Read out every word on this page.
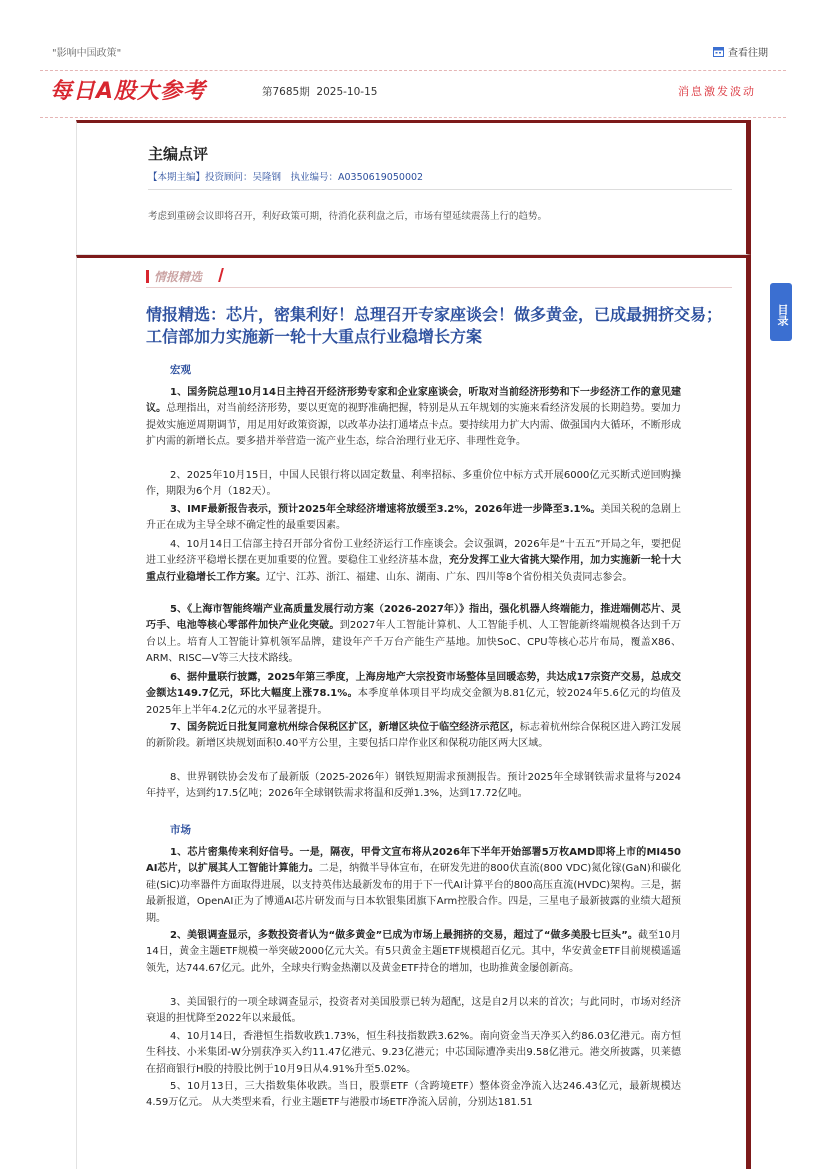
"影响中国政策"	查看往期
每日A股大参考	第7685期 2025-10-15	消息激发波动
主编点评
【本期主编】投资顾问：吴隆钢　执业编号：A0350619050002
考虑到重磅会议即将召开，利好政策可期，待消化获利盘之后，市场有望延续震荡上行的趋势。
情报精选
情报精选：芯片，密集利好！总理召开专家座谈会！做多黄金，已成最拥挤交易；工信部加力实施新一轮十大重点行业稳增长方案
目录
宏观
1、国务院总理10月14日主持召开经济形势专家和企业家座谈会，听取对当前经济形势和下一步经济工作的意见建议。总理指出，对当前经济形势，要以更宽的视野准确把握，特别是从五年规划的实施来看经济发展的长期趋势。要加力提效实施逆周期调节，用足用好政策资源，以改革办法打通堵点卡点。要持续用力扩大内需、做强国内大循环，不断形成扩内需的新增长点。要多措并举营造一流产业生态，综合治理行业无序、非理性竞争。
2、2025年10月15日，中国人民银行将以固定数量、利率招标、多重价位中标方式开展6000亿元买断式逆回购操作，期限为6个月（182天）。
3、IMF最新报告表示，预计2025年全球经济增速将放缓至3.2%，2026年进一步降至3.1%。美国关税的急剧上升正在成为主导全球不确定性的最重要因素。
4、10月14日工信部主持召开部分省份工业经济运行工作座谈会。会议强调，2026年是“十五五”开局之年，要把促进工业经济平稳增长摆在更加重要的位置。要稳住工业经济基本盘，充分发挥工业大省挑大梁作用，加力实施新一轮十大重点行业稳增长工作方案。辽宁、江苏、浙江、福建、山东、湖南、广东、四川等8个省份相关负责同志参会。
5、《上海市智能终端产业高质量发展行动方案（2026-2027年）》指出，强化机器人终端能力，推进端侧芯片、灵巧手、电池等核心零部件加快产业化突破。到2027年人工智能计算机、人工智能手机、人工智能新终端规模各达到千万台以上。培育人工智能计算机领军品牌，建设年产千万台产能生产基地。加快SoC、CPU等核心芯片布局，覆盖X86、ARM、RISC—V等三大技术路线。
6、据仲量联行披露，2025年第三季度，上海房地产大宗投资市场整体呈回暖态势，共达成17宗资产交易，总成交金额达149.7亿元，环比大幅度上涨78.1%。本季度单体项目平均成交金额为8.81亿元，较2024年5.6亿元的均值及2025年上半年4.2亿元的水平显著提升。
7、国务院近日批复同意杭州综合保税区扩区，新增区块位于临空经济示范区，标志着杭州综合保税区进入跨江发展的新阶段。新增区块规划面积0.40平方公里，主要包括口岸作业区和保税功能区两大区域。
8、世界钢铁协会发布了最新版（2025-2026年）钢铁短期需求预测报告。预计2025年全球钢铁需求量将与2024年持平，达到约17.5亿吨；2026年全球钢铁需求将温和反弹1.3%，达到17.72亿吨。
市场
1、芯片密集传来利好信号。一是，隔夜，甲骨文宣布将从2026年下半年开始部署5万枚AMD即将上市的MI450 AI芯片，以扩展其人工智能计算能力。二是，纳微半导体宣布，在研发先进的800伏直流(800 VDC)氮化镓(GaN)和碳化硅(SiC)功率器件方面取得进展，以支持英伟达最新发布的用于下一代AI计算平台的800高压直流(HVDC)架构。三是，据最新报道，OpenAI正为了博通AI芯片研发而与日本软银集团旗下Arm控股合作。四是，三星电子最新披露的业绩大超预期。
2、美银调查显示，多数投资者认为“做多黄金”已成为市场上最拥挤的交易，超过了“做多美股七巨头”。截至10月14日，黄金主题ETF规模一举突破2000亿元大关。有5只黄金主题ETF规模超百亿元。其中，华安黄金ETF目前规模遥遥领先，达744.67亿元。此外，全球央行购金热潮以及黄金ETF持仓的增加，也助推黄金屡创新高。
3、美国银行的一项全球调查显示，投资者对美国股票已转为超配，这是自2月以来的首次；与此同时，市场对经济衰退的担忧降至2022年以来最低。
4、10月14日，香港恒生指数收跌1.73%，恒生科技指数跌3.62%。南向资金当天净买入约86.03亿港元。南方恒生科技、小米集团-W分别获净买入约11.47亿港元、9.23亿港元；中芯国际遭净卖出9.58亿港元。港交所披露，贝莱德在招商银行H股的持股比例于10月9日从4.91%升至5.02%。
5、10月13日，三大指数集体收跌。当日，股票ETF（含跨境ETF）整体资金净流入达246.43亿元，最新规模达4.59万亿元。 从大类型来看，行业主题ETF与港股市场ETF净流入居前，分别达181.51
